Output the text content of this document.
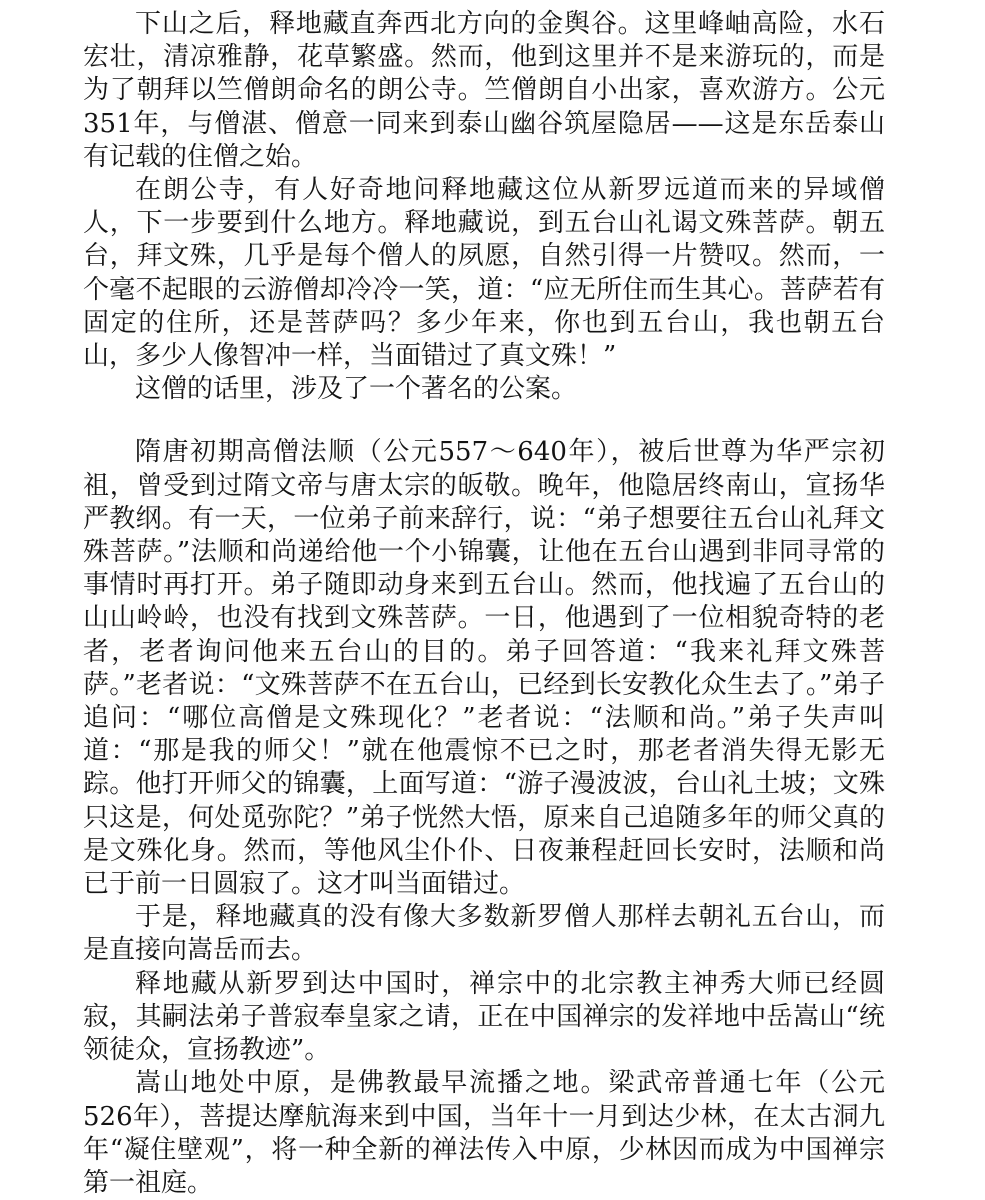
下山之后，释地藏直奔西北方向的金舆谷。这里峰岫高险，水石宏壮，清凉雅静，花草繁盛。然而，他到这里并不是来游玩的，而是为了朝拜以竺僧朗命名的朗公寺。竺僧朗自小出家，喜欢游方。公元351年，与僧湛、僧意一同来到泰山幽谷筑屋隐居——这是东岳泰山有记载的住僧之始。

在朗公寺，有人好奇地问释地藏这位从新罗远道而来的异域僧人，下一步要到什么地方。释地藏说，到五台山礼谒文殊菩萨。朝五台，拜文殊，几乎是每个僧人的夙愿，自然引得一片赞叹。然而，一个毫不起眼的云游僧却冷冷一笑，道：“应无所住而生其心。菩萨若有固定的住所，还是菩萨吗？多少年来，你也到五台山，我也朝五台山，多少人像智冲一样，当面错过了真文殊！”

这僧的话里，涉及了一个著名的公案。

隋唐初期高僧法顺（公元557～640年），被后世尊为华严宗初祖，曾受到过隋文帝与唐太宗的皈敬。晚年，他隐居终南山，宣扬华严教纲。有一天，一位弟子前来辞行，说：“弟子想要往五台山礼拜文殊菩萨。”法顺和尚递给他一个小锦囊，让他在五台山遇到非同寻常的事情时再打开。弟子随即动身来到五台山。然而，他找遍了五台山的山山岭岭，也没有找到文殊菩萨。一日，他遇到了一位相貌奇特的老者，老者询问他来五台山的目的。弟子回答道：“我来礼拜文殊菩萨。”老者说：“文殊菩萨不在五台山，已经到长安教化众生去了。”弟子追问：“哪位高僧是文殊现化？”老者说：“法顺和尚。”弟子失声叫道：“那是我的师父！”就在他震惊不已之时，那老者消失得无影无踪。他打开师父的锦囊，上面写道：“游子漫波波，台山礼土坡；文殊只这是，何处觅弥陀？”弟子恍然大悟，原来自己追随多年的师父真的是文殊化身。然而，等他风尘仆仆、日夜兼程赶回长安时，法顺和尚已于前一日圆寂了。这才叫当面错过。

于是，释地藏真的没有像大多数新罗僧人那样去朝礼五台山，而是直接向嵩岳而去。

释地藏从新罗到达中国时，禅宗中的北宗教主神秀大师已经圆寂，其嗣法弟子普寂奉皇家之请，正在中国禅宗的发祥地中岳嵩山“统领徒众，宣扬教迹”。

嵩山地处中原，是佛教最早流播之地。梁武帝普通七年（公元526年），菩提达摩航海来到中国，当年十一月到达少林，在太古洞九年“凝住壁观”，将一种全新的禅法传入中原，少林因而成为中国禅宗第一祖庭。
